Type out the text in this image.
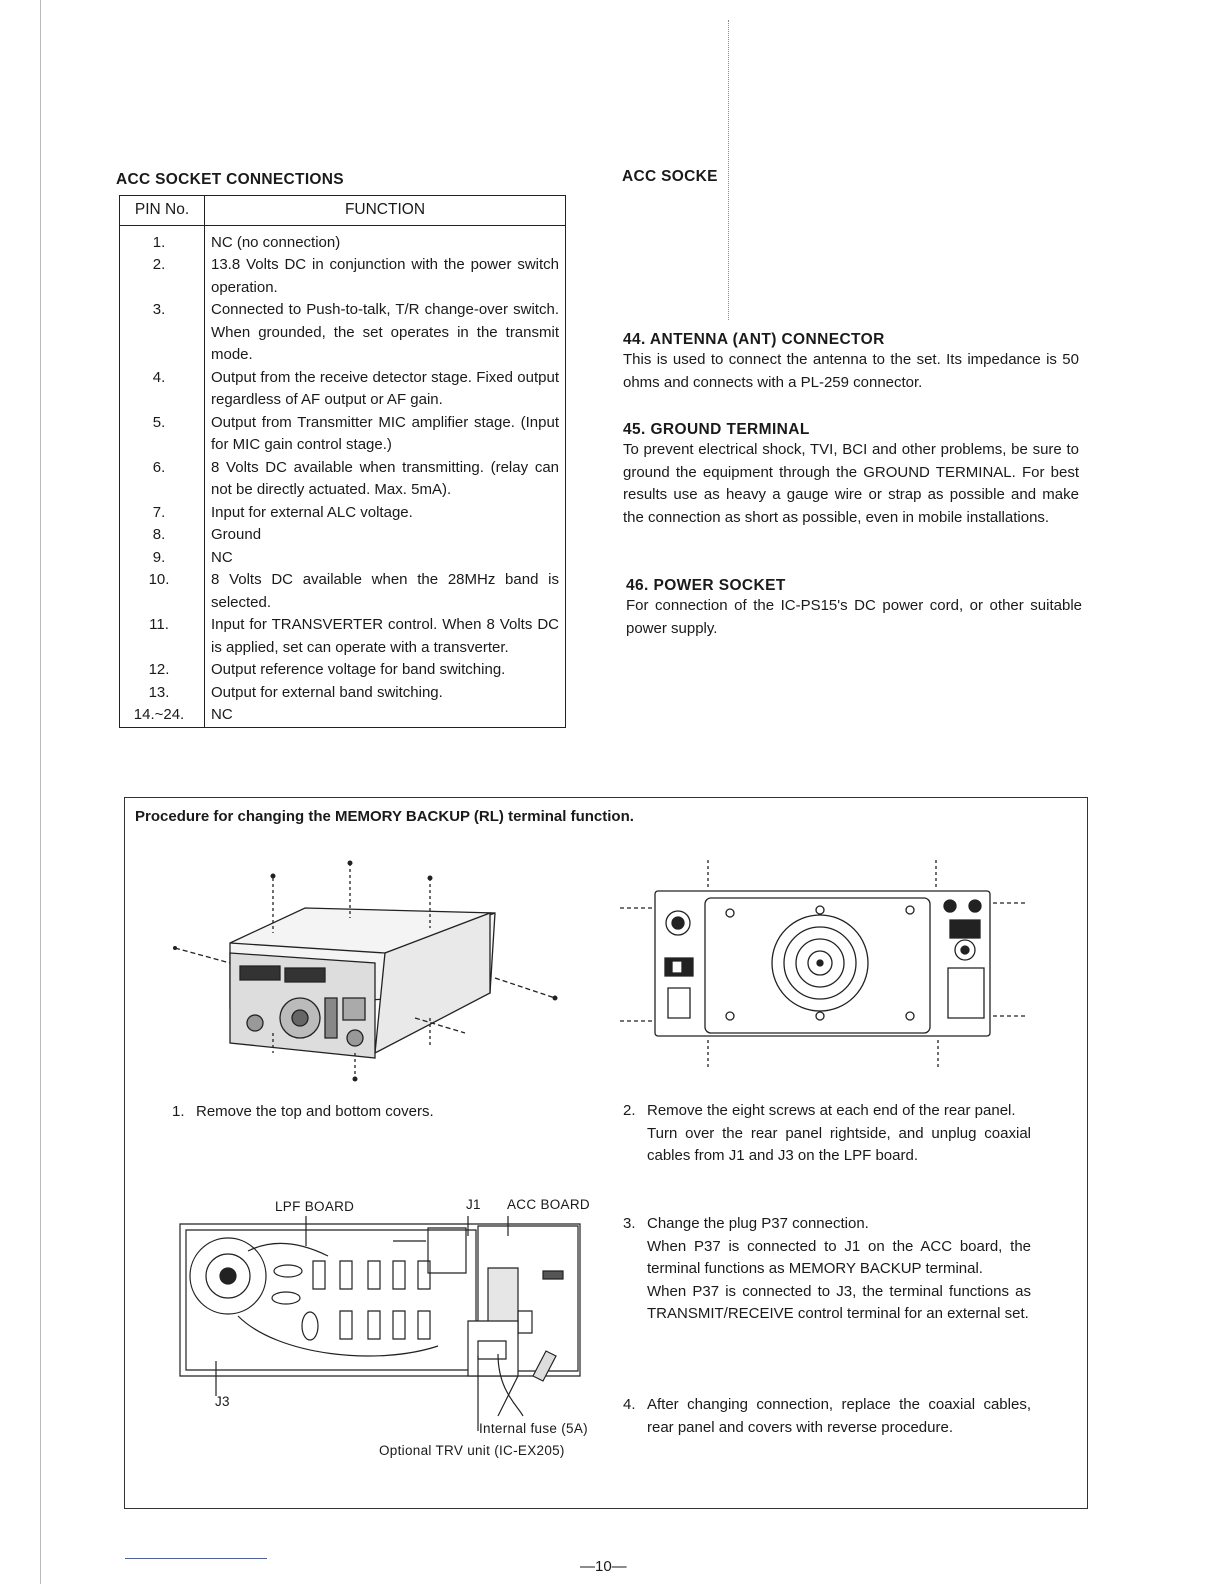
ACC SOCKET CONNECTIONS
PIN No.	FUNCTION
1.	NC (no connection)
2.	13.8 Volts DC in conjunction with the power switch operation.
3.	Connected to Push-to-talk, T/R change-over switch. When grounded, the set operates in the transmit mode.
4.	Output from the receive detector stage. Fixed output regardless of AF output or AF gain.
5.	Output from Transmitter MIC amplifier stage. (Input for MIC gain control stage.)
6.	8 Volts DC available when transmitting. (relay can not be directly actuated. Max. 5mA).
7.	Input for external ALC voltage.
8.	Ground
9.	NC
10.	8 Volts DC available when the 28MHz band is selected.
11.	Input for TRANSVERTER control. When 8 Volts DC is applied, set can operate with a transverter.
12.	Output reference voltage for band switching.
13.	Output for external band switching.
14.~24.	NC
ACC SOCKE
44. ANTENNA (ANT) CONNECTOR
This is used to connect the antenna to the set. Its impedance is 50 ohms and connects with a PL-259 connector.
45. GROUND TERMINAL
To prevent electrical shock, TVI, BCI and other problems, be sure to ground the equipment through the GROUND TERMINAL. For best results use as heavy a gauge wire or strap as possible and make the connection as short as possible, even in mobile installations.
46. POWER SOCKET
For connection of the IC-PS15's DC power cord, or other suitable power supply.
Procedure for changing the MEMORY BACKUP (RL) terminal function.
1. Remove the top and bottom covers.
LPF BOARD	J1 ACC BOARD
J3
Internal fuse (5A)
Optional TRV unit (IC-EX205)
2. Remove the eight screws at each end of the rear panel.
Turn over the rear panel rightside, and unplug coaxial cables from J1 and J3 on the LPF board.
3. Change the plug P37 connection.
When P37 is connected to J1 on the ACC board, the terminal functions as MEMORY BACKUP terminal.
When P37 is connected to J3, the terminal functions as TRANSMIT/RECEIVE control terminal for an external set.
4. After changing connection, replace the coaxial cables, rear panel and covers with reverse procedure.
—10—
